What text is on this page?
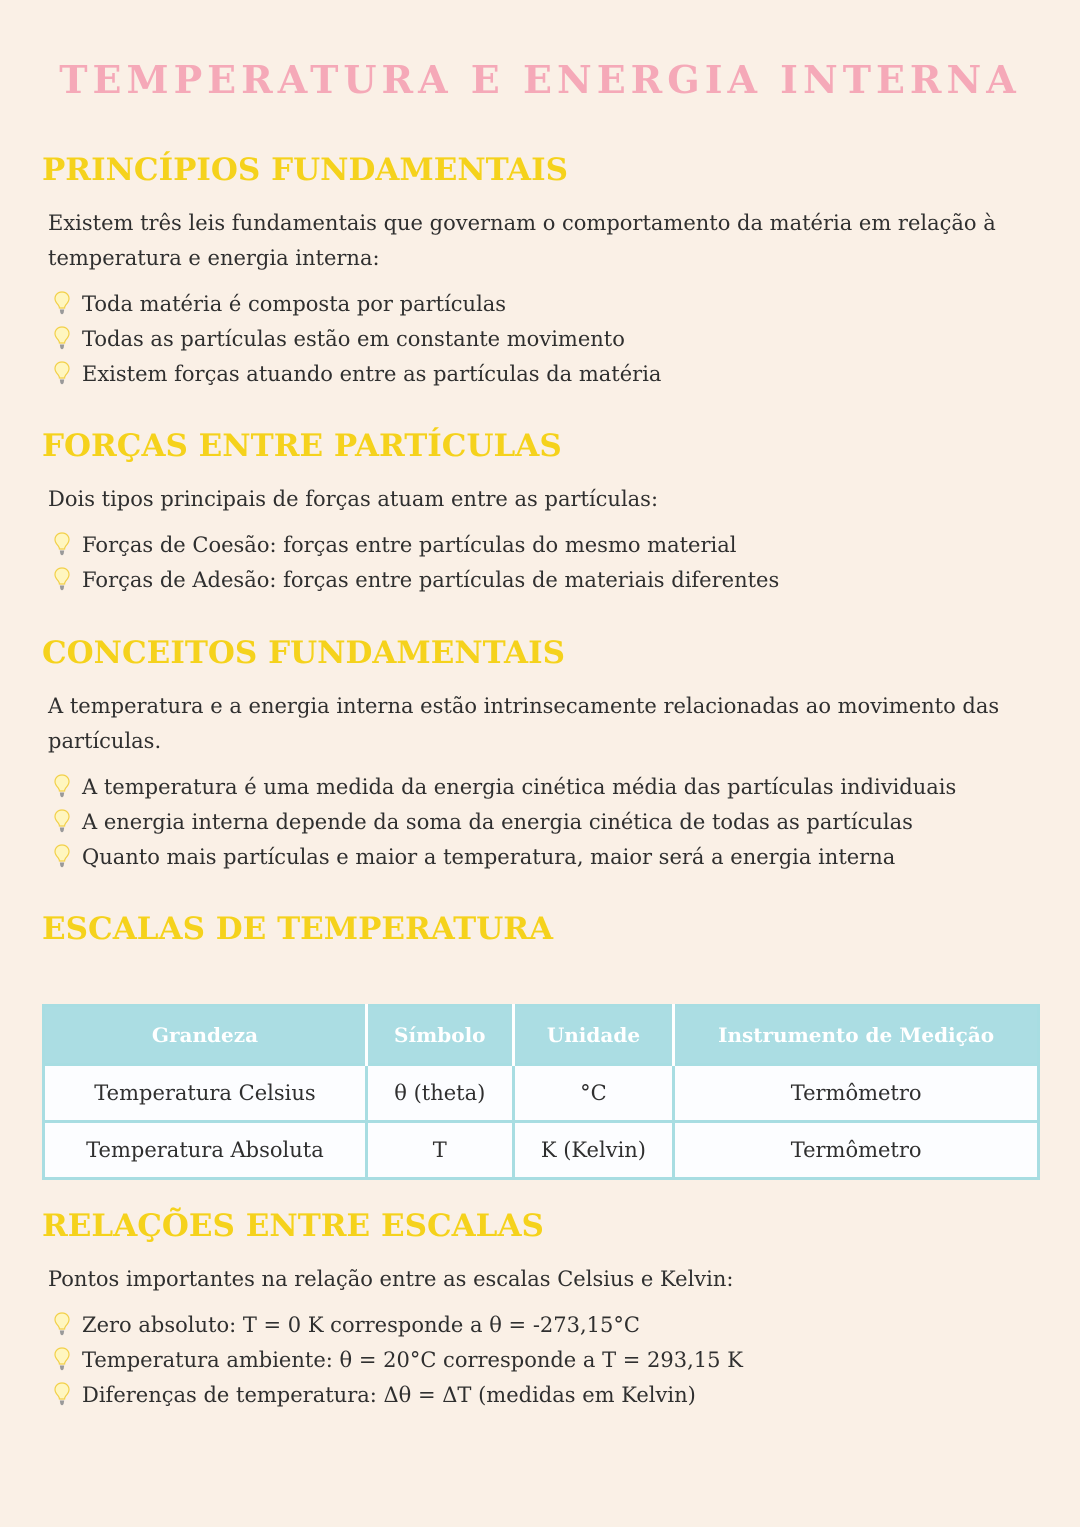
TEMPERATURA E ENERGIA INTERNA
PRINCÍPIOS FUNDAMENTAIS

Existem três leis fundamentais que governam o comportamento da matéria em relação à temperatura e energia interna:

Toda matéria é composta por partículas
Todas as partículas estão em constante movimento
Existem forças atuando entre as partículas da matéria
FORÇAS ENTRE PARTÍCULAS

Dois tipos principais de forças atuam entre as partículas:

Forças de Coesão: forças entre partículas do mesmo material
Forças de Adesão: forças entre partículas de materiais diferentes
CONCEITOS FUNDAMENTAIS

A temperatura e a energia interna estão intrinsecamente relacionadas ao movimento das partículas.

A temperatura é uma medida da energia cinética média das partículas individuais
A energia interna depende da soma da energia cinética de todas as partículas
Quanto mais partículas e maior a temperatura, maior será a energia interna
ESCALAS DE TEMPERATURA
Grandeza	Símbolo	Unidade	Instrumento de Medição
Temperatura Celsius	θ (theta)	°C	Termômetro
Temperatura Absoluta	T	K (Kelvin)	Termômetro
RELAÇÕES ENTRE ESCALAS

Pontos importantes na relação entre as escalas Celsius e Kelvin:

Zero absoluto: T = 0 K corresponde a θ = -273,15°C
Temperatura ambiente: θ = 20°C corresponde a T = 293,15 K
Diferenças de temperatura: Δθ = ΔT (medidas em Kelvin)
